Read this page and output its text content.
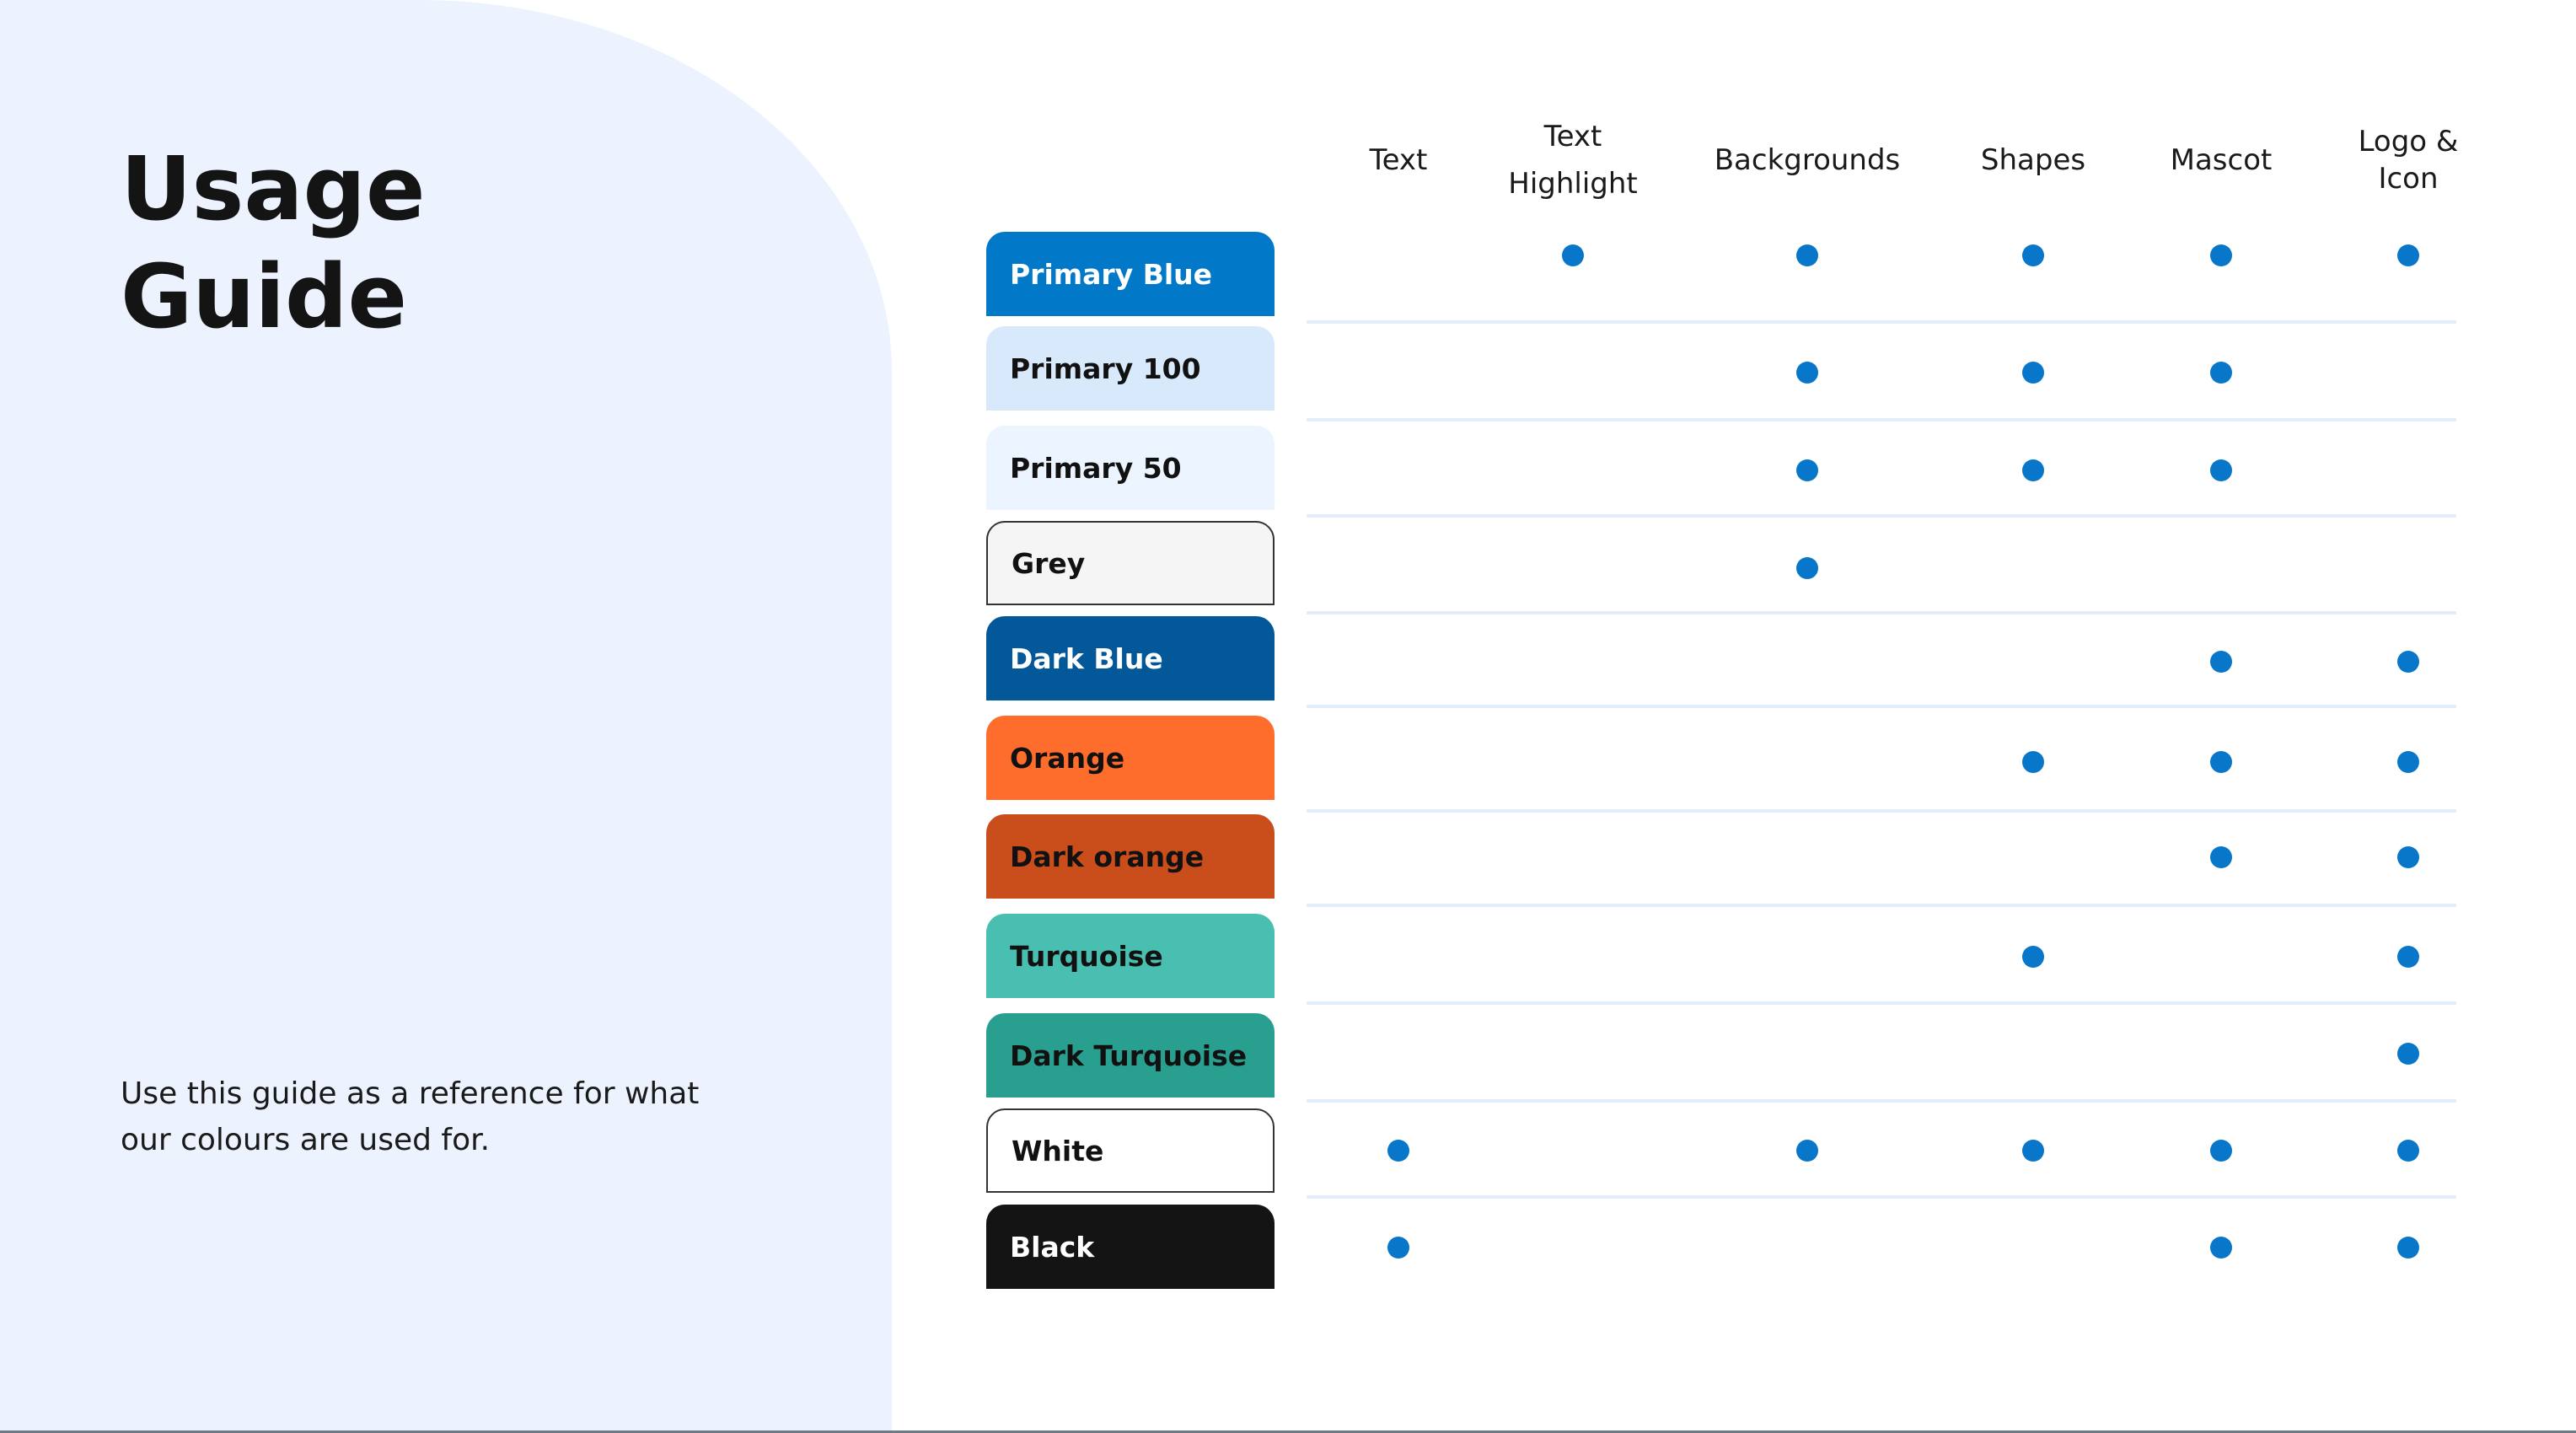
Usage
Guide

Use this guide as a reference for what
our colours are used for.

Text
Text
Highlight
Backgrounds	Shapes	Mascot
Logo &
Icon
Primary Blue
Primary 100
Primary 50
Grey
Dark Blue
Orange
Dark orange
Turquoise
Dark Turquoise
White
Black
